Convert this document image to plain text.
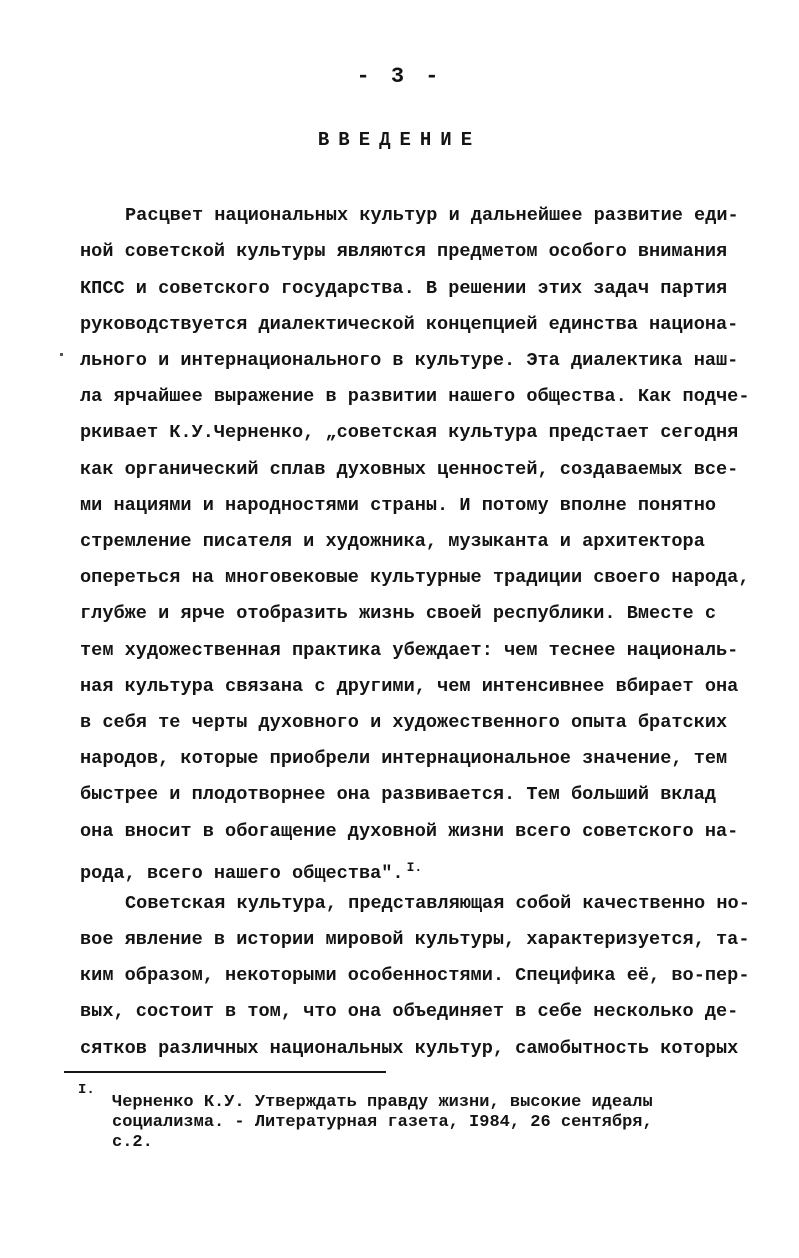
- 3 -
ВВЕДЕНИЕ
Расцвет национальных культур и дальнейшее развитие еди-
ной советской культуры являются предметом особого внимания
КПСС и советского государства. В решении этих задач партия
руководствуется диалектической концепцией единства национа-
льного и интернационального в культуре. Эта диалектика наш-
ла ярчайшее выражение в развитии нашего общества. Как подче-
ркивает К.У.Черненко, „советская культура предстает сегодня
как органический сплав духовных ценностей, создаваемых все-
ми нациями и народностями страны. И потому вполне понятно
стремление писателя и художника, музыканта и архитектора
опереться на многовековые культурные традиции своего народа,
глубже и ярче отобразить жизнь своей республики. Вместе с
тем художественная практика убеждает: чем теснее националь-
ная культура связана с другими, чем интенсивнее вбирает она
в себя те черты духовного и художественного опыта братских
народов, которые приобрели интернациональное значение, тем
быстрее и плодотворнее она развивается. Тем больший вклад
она вносит в обогащение духовной жизни всего советского на-
рода, всего нашего общества". $^{I.}$
Советская культура, представляющая собой качественно но-
вое явление в истории мировой культуры, характеризуется, та-
ким образом, некоторыми особенностями. Специфика её, во-пер-
вых, состоит в том, что она объединяет в себе несколько де-
сятков различных национальных культур, самобытность которых
I.
Черненко К.У. Утверждать правду жизни, высокие идеалы
социализма. - Литературная газета, I984, 26 сентября,
с.2.
